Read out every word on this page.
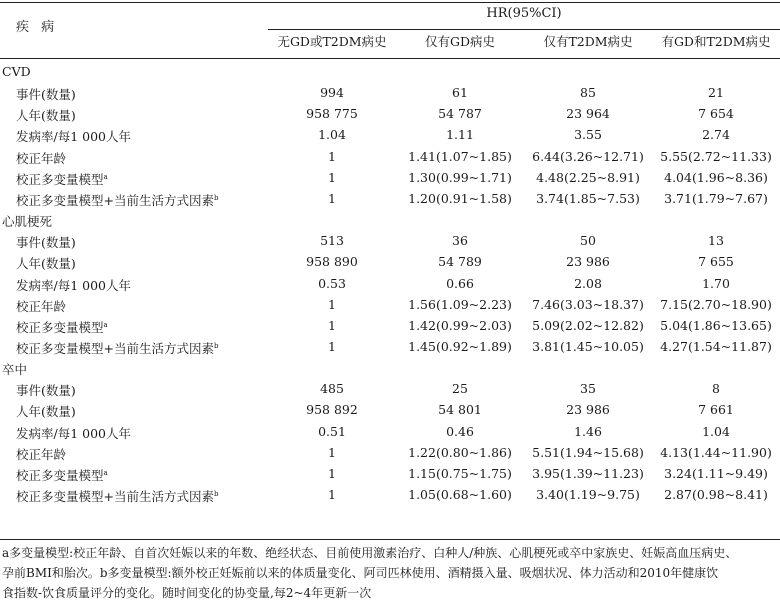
疾 病
HR(95%CI)
无GD或T2DM病史	仅有GD病史	仅有T2DM病史	有GD和T2DM病史
CVD
事件(数量)	994	61	85	21
人年(数量)	958 775	54 787	23 964	7 654
发病率/每1 000人年	1.04	1.11	3.55	2.74
校正年龄	1	1.41(1.07~1.85)	6.44(3.26~12.71)	5.55(2.72~11.33)
校正多变量模型$^a$	1	1.30(0.99~1.71)	4.48(2.25~8.91)	4.04(1.96~8.36)
校正多变量模型+当前生活方式因素$^b$	1	1.20(0.91~1.58)	3.74(1.85~7.53)	3.71(1.79~7.67)
心肌梗死
事件(数量)	513	36	50	13
人年(数量)	958 890	54 789	23 986	7 655
发病率/每1 000人年	0.53	0.66	2.08	1.70
校正年龄	1	1.56(1.09~2.23)	7.46(3.03~18.37)	7.15(2.70~18.90)
校正多变量模型$^a$	1	1.42(0.99~2.03)	5.09(2.02~12.82)	5.04(1.86~13.65)
校正多变量模型+当前生活方式因素$^b$	1	1.45(0.92~1.89)	3.81(1.45~10.05)	4.27(1.54~11.87)
卒中
事件(数量)	485	25	35	8
人年(数量)	958 892	54 801	23 986	7 661
发病率/每1 000人年	0.51	0.46	1.46	1.04
校正年龄	1	1.22(0.80~1.86)	5.51(1.94~15.68)	4.13(1.44~11.90)
校正多变量模型$^a$	1	1.15(0.75~1.75)	3.95(1.39~11.23)	3.24(1.11~9.49)
校正多变量模型+当前生活方式因素$^b$	1	1.05(0.68~1.60)	3.40(1.19~9.75)	2.87(0.98~8.41)
a多变量模型:校正年龄、自首次妊娠以来的年数、绝经状态、目前使用激素治疗、白种人/种族、心肌梗死或卒中家族史、妊娠高血压病史、
孕前BMI和胎次。b多变量模型:额外校正妊娠前以来的体质量变化、阿司匹林使用、酒精摄入量、吸烟状况、体力活动和2010年健康饮
食指数-饮食质量评分的变化。随时间变化的协变量,每2~4年更新一次
